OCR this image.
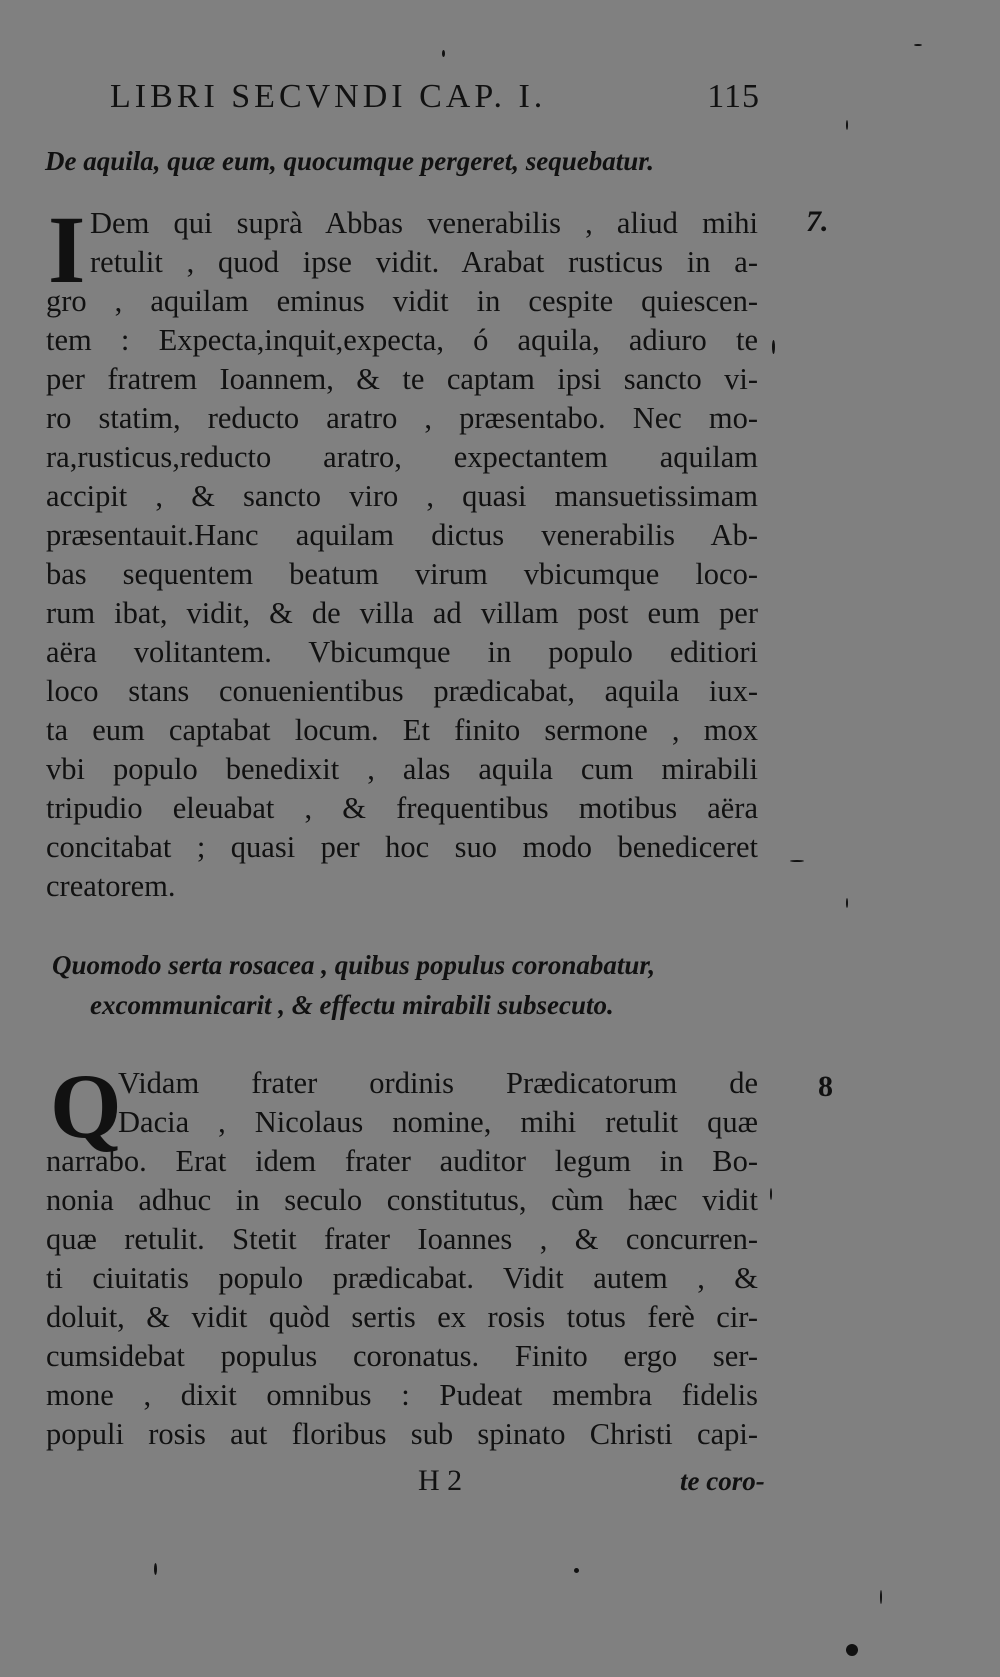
LIBRI SECVNDI CAP. I.	115
De aquila, quæ eum, quocumque pergeret, sequebatur.
7.
I Dem qui suprà Abbas venerabilis , aliud mihi
retulit , quod ipse vidit. Arabat rusticus in a-
gro , aquilam eminus vidit in cespite quiescen-
tem : Expecta,inquit,expecta, ó aquila, adiuro te
per fratrem Ioannem, & te captam ipsi sancto vi-
ro statim, reducto aratro , præsentabo. Nec mo-
ra,rusticus,reducto aratro, expectantem aquilam
accipit , & sancto viro , quasi mansuetissimam
præsentauit.Hanc aquilam dictus venerabilis Ab-
bas sequentem beatum virum vbicumque loco-
rum ibat, vidit, & de villa ad villam post eum per
aëra volitantem. Vbicumque in populo editiori
loco stans conuenientibus prædicabat, aquila iux-
ta eum captabat locum. Et finito sermone , mox
vbi populo benedixit , alas aquila cum mirabili
tripudio eleuabat , & frequentibus motibus aëra
concitabat ; quasi per hoc suo modo benediceret
creatorem.
Quomodo serta rosacea , quibus populus coronabatur,
excommunicarit , & effectu mirabili subsecuto.
8
Q
Vidam frater ordinis Prædicatorum de
Dacia , Nicolaus nomine, mihi retulit quæ
narrabo. Erat idem frater auditor legum in Bo-
nonia adhuc in seculo constitutus, cùm hæc vidit
quæ retulit. Stetit frater Ioannes , & concurren-
ti ciuitatis populo prædicabat. Vidit autem , &
doluit, & vidit quòd sertis ex rosis totus ferè cir-
cumsidebat populus coronatus. Finito ergo ser-
mone , dixit omnibus : Pudeat membra fidelis
populi rosis aut floribus sub spinato Christi capi-
H 2	te coro-
